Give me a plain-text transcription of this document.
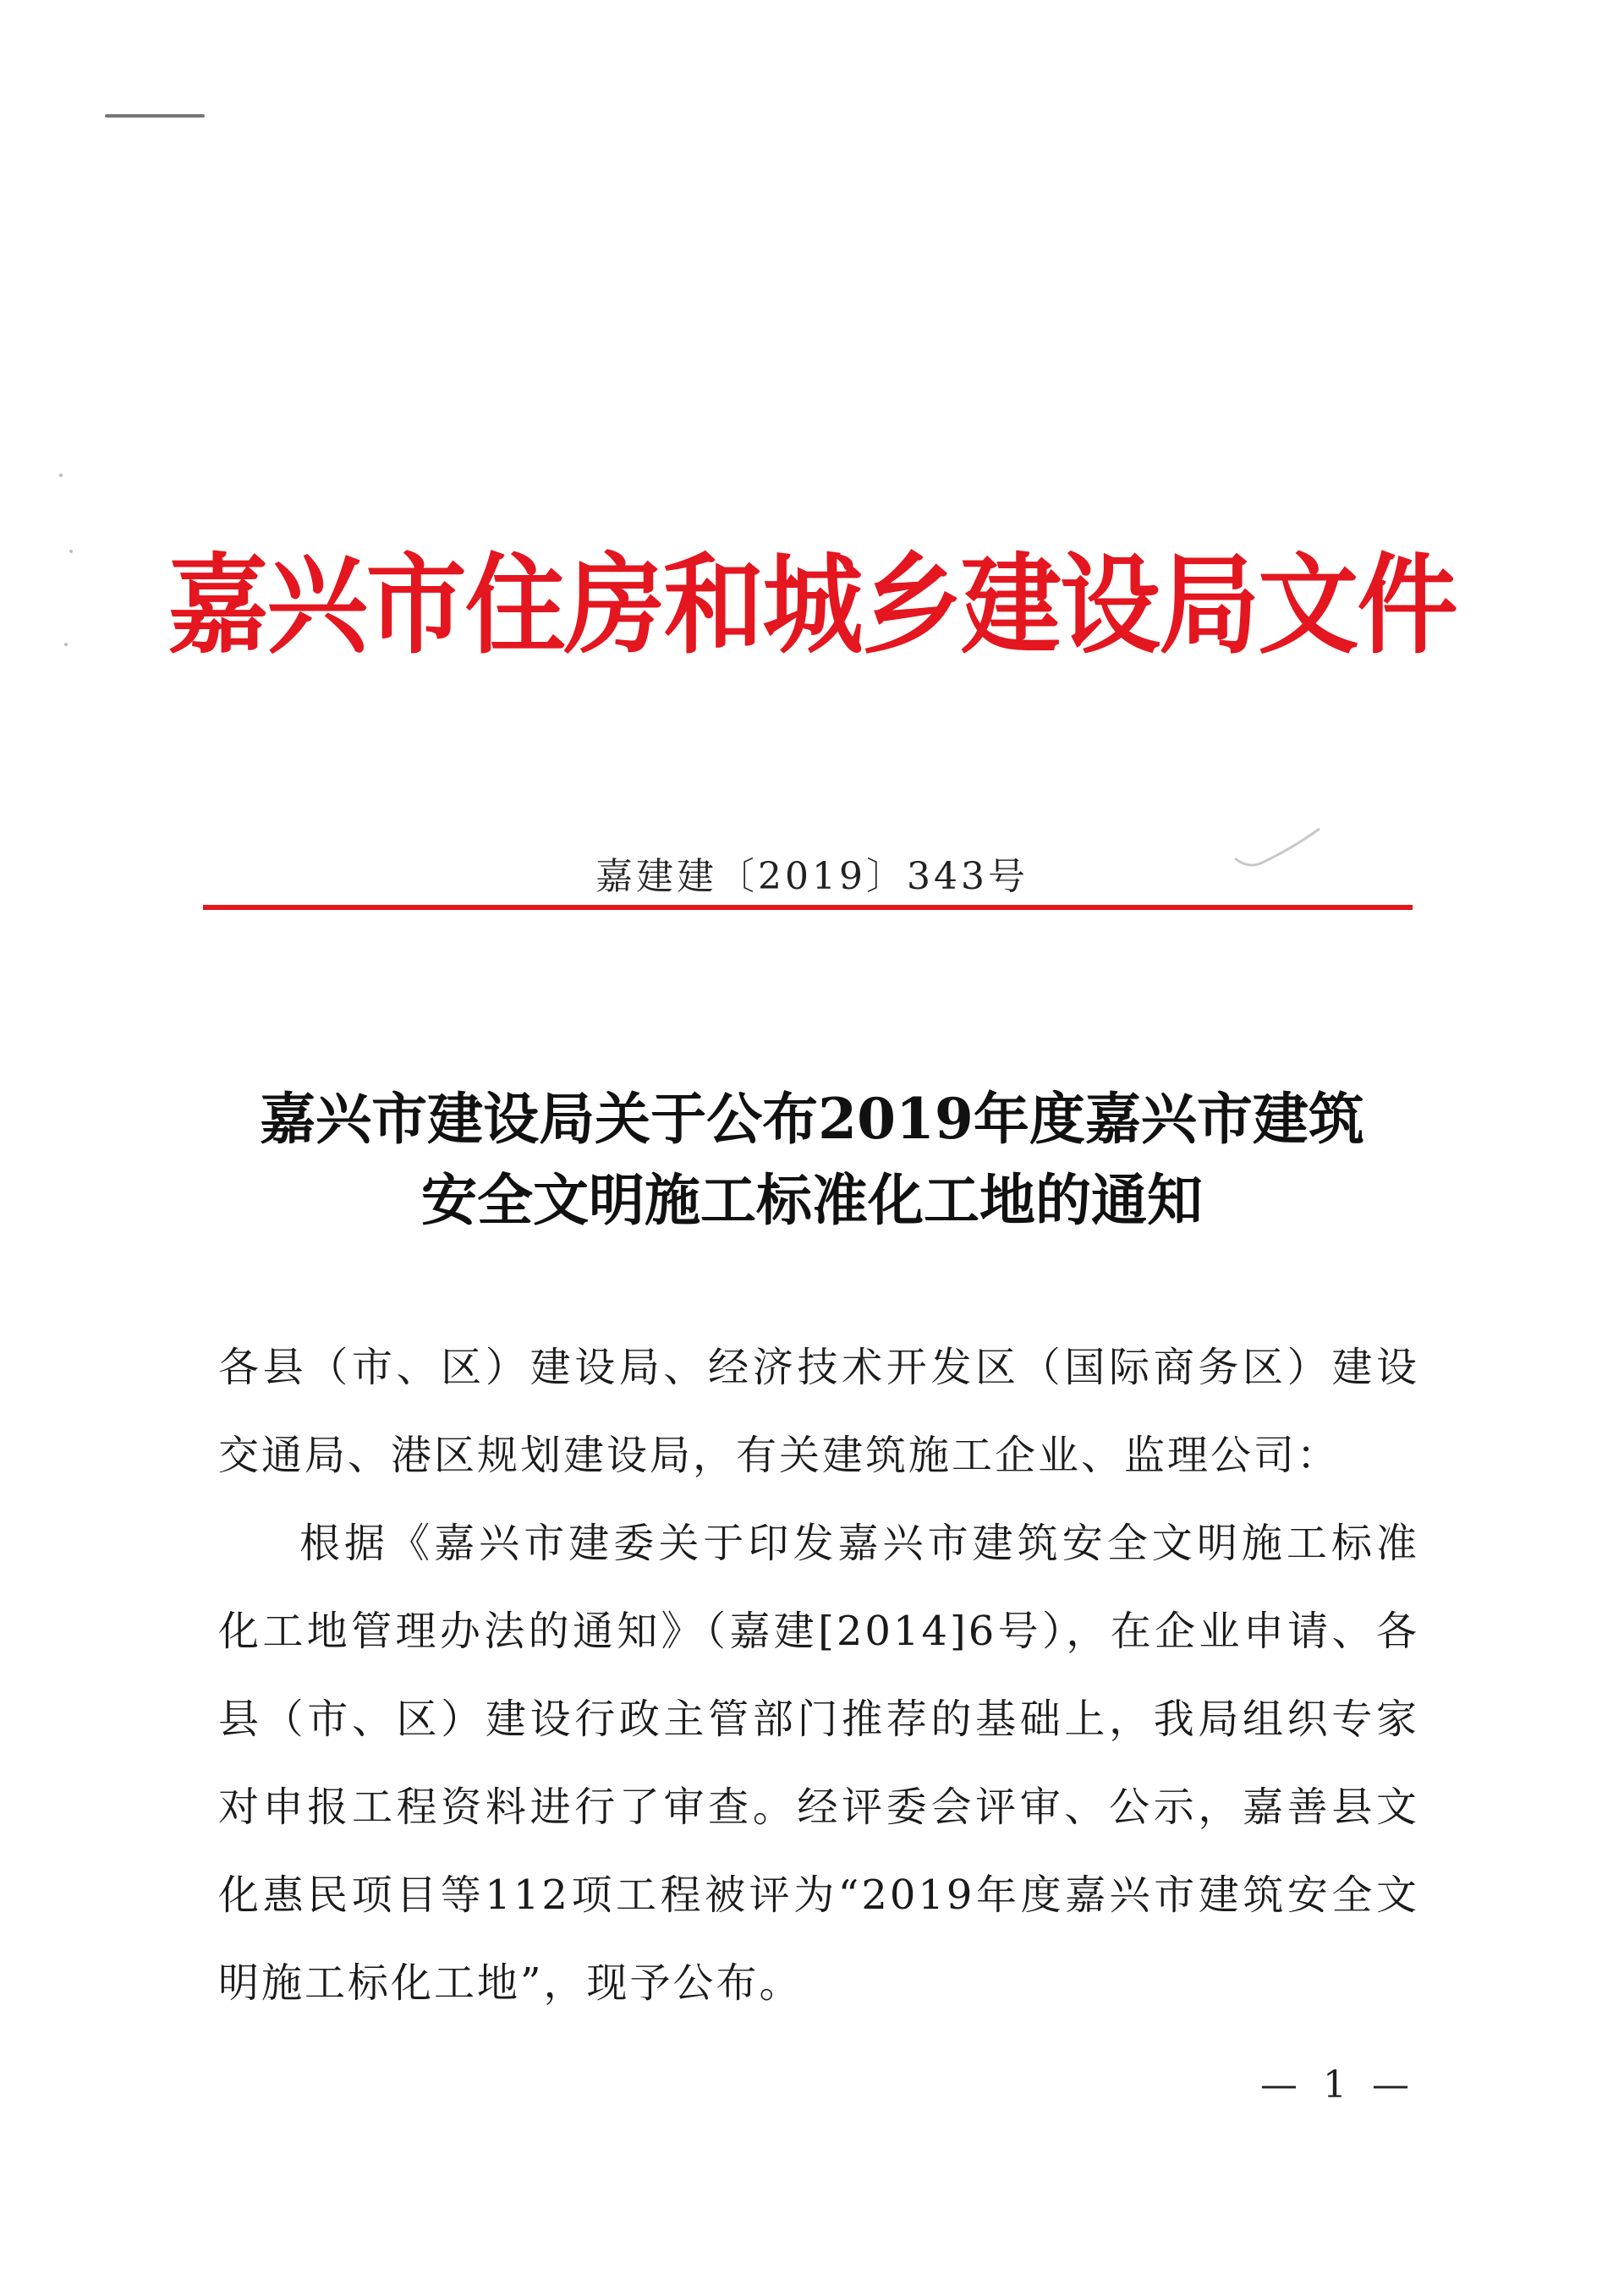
嘉兴市住房和城乡建设局文件
嘉建建〔2019〕343号
嘉兴市建设局关于公布2019年度嘉兴市建筑
安全文明施工标准化工地的通知

各县（市、区）建设局、经济技术开发区（国际商务区）建设交通局、港区规划建设局，有关建筑施工企业、监理公司：

根据《嘉兴市建委关于印发嘉兴市建筑安全文明施工标准化工地管理办法的通知》（嘉建[2014]6号），在企业申请、各县（市、区）建设行政主管部门推荐的基础上，我局组织专家对申报工程资料进行了审查。经评委会评审、公示，嘉善县文化惠民项目等112项工程被评为“2019年度嘉兴市建筑安全文明施工标化工地”，现予公布。

— 1 —
